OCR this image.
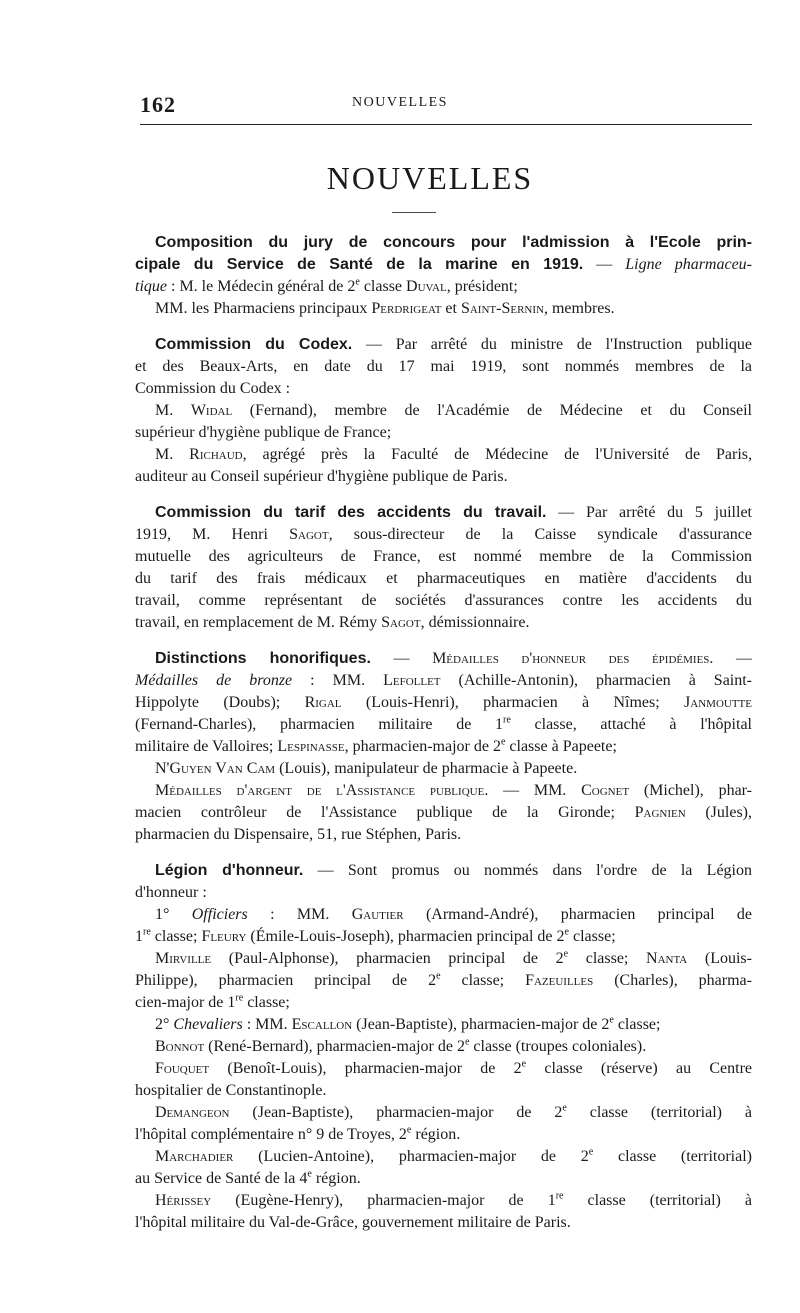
162	NOUVELLES
NOUVELLES
Composition du jury de concours pour l'admission à l'Ecole prin-
cipale du Service de Santé de la marine en 1919. — Ligne pharmaceu-
tique : M. le Médecin général de 2e classe Duval, président;
MM. les Pharmaciens principaux Perdrigeat et Saint-Sernin, membres.
Commission du Codex. — Par arrêté du ministre de l'Instruction publique
et des Beaux-Arts, en date du 17 mai 1919, sont nommés membres de la
Commission du Codex :
M. Widal (Fernand), membre de l'Académie de Médecine et du Conseil
supérieur d'hygiène publique de France;
M. Richaud, agrégé près la Faculté de Médecine de l'Université de Paris,
auditeur au Conseil supérieur d'hygiène publique de Paris.
Commission du tarif des accidents du travail. — Par arrêté du 5 juillet
1919, M. Henri Sagot, sous-directeur de la Caisse syndicale d'assurance
mutuelle des agriculteurs de France, est nommé membre de la Commission
du tarif des frais médicaux et pharmaceutiques en matière d'accidents du
travail, comme représentant de sociétés d'assurances contre les accidents du
travail, en remplacement de M. Rémy Sagot, démissionnaire.
Distinctions honorifiques. — Médailles d'honneur des épidémies. —
Médailles de bronze : MM. Lefollet (Achille-Antonin), pharmacien à Saint-
Hippolyte (Doubs); Rigal (Louis-Henri), pharmacien à Nîmes; Janmoutte
(Fernand-Charles), pharmacien militaire de 1re classe, attaché à l'hôpital
militaire de Valloires; Lespinasse, pharmacien-major de 2e classe à Papeete;
N'Guyen Van Cam (Louis), manipulateur de pharmacie à Papeete.
Médailles d'argent de l'Assistance publique. — MM. Cognet (Michel), phar-
macien contrôleur de l'Assistance publique de la Gironde; Pagnien (Jules),
pharmacien du Dispensaire, 51, rue Stéphen, Paris.
Légion d'honneur. — Sont promus ou nommés dans l'ordre de la Légion
d'honneur :
1° Officiers : MM. Gautier (Armand-André), pharmacien principal de
1re classe; Fleury (Émile-Louis-Joseph), pharmacien principal de 2e classe;
Mirville (Paul-Alphonse), pharmacien principal de 2e classe; Nanta (Louis-
Philippe), pharmacien principal de 2e classe; Fazeuilles (Charles), pharma-
cien-major de 1re classe;
2° Chevaliers : MM. Escallon (Jean-Baptiste), pharmacien-major de 2e classe;
Bonnot (René-Bernard), pharmacien-major de 2e classe (troupes coloniales).
Fouquet (Benoît-Louis), pharmacien-major de 2e classe (réserve) au Centre
hospitalier de Constantinople.
Demangeon (Jean-Baptiste), pharmacien-major de 2e classe (territorial) à
l'hôpital complémentaire n° 9 de Troyes, 2e région.
Marchadier (Lucien-Antoine), pharmacien-major de 2e classe (territorial)
au Service de Santé de la 4e région.
Hérissey (Eugène-Henry), pharmacien-major de 1re classe (territorial) à
l'hôpital militaire du Val-de-Grâce, gouvernement militaire de Paris.
